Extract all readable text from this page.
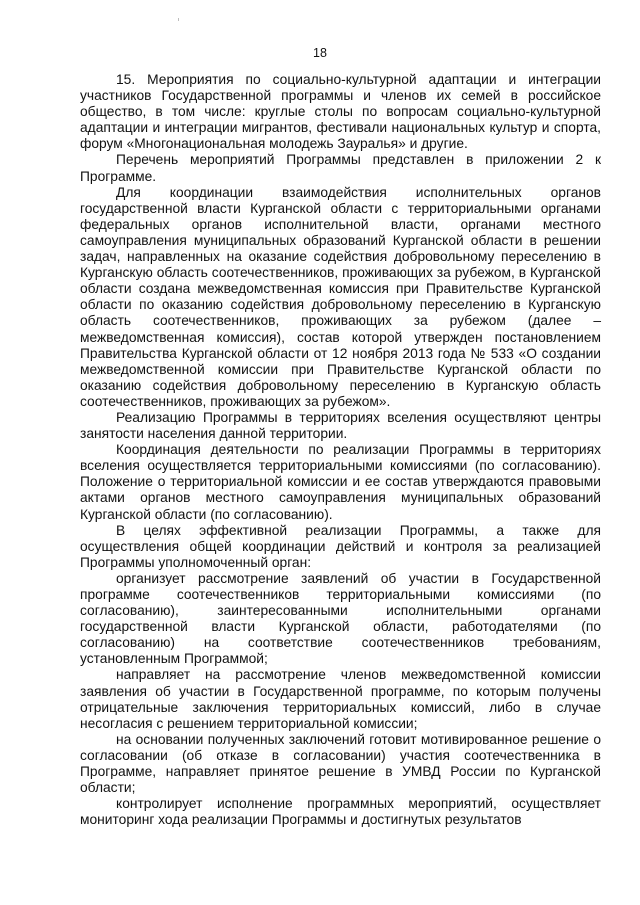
18

15. Мероприятия по социально-культурной адаптации и интеграции участников Государственной программы и членов их семей в российское общество, в том числе: круглые столы по вопросам социально-культурной адаптации и интеграции мигрантов, фестивали национальных культур и спорта, форум «Многонациональная молодежь Зауралья» и другие.

Перечень мероприятий Программы представлен в приложении 2 к Программе.

Для координации взаимодействия исполнительных органов государственной власти Курганской области с территориальными органами федеральных органов исполнительной власти, органами местного самоуправления муниципальных образований Курганской области в решении задач, направленных на оказание содействия добровольному переселению в Курганскую область соотечественников, проживающих за рубежом, в Курганской области создана межведомственная комиссия при Правительстве Курганской области по оказанию содействия добровольному переселению в Курганскую область соотечественников, проживающих за рубежом (далее – межведомственная комиссия), состав которой утвержден постановлением Правительства Курганской области от 12 ноября 2013 года № 533 «О создании межведомственной комиссии при Правительстве Курганской области по оказанию содействия добровольному переселению в Курганскую область соотечественников, проживающих за рубежом».

Реализацию Программы в территориях вселения осуществляют центры занятости населения данной территории.

Координация деятельности по реализации Программы в территориях вселения осуществляется территориальными комиссиями (по согласованию). Положение о территориальной комиссии и ее состав утверждаются правовыми актами органов местного самоуправления муниципальных образований Курганской области (по согласованию).

В целях эффективной реализации Программы, а также для осуществления общей координации действий и контроля за реализацией Программы уполномоченный орган:

организует рассмотрение заявлений об участии в Государственной программе соотечественников территориальными комиссиями (по согласованию), заинтересованными исполнительными органами государственной власти Курганской области, работодателями (по согласованию) на соответствие соотечественников требованиям, установленным Программой;

направляет на рассмотрение членов межведомственной комиссии заявления об участии в Государственной программе, по которым получены отрицательные заключения территориальных комиссий, либо в случае несогласия с решением территориальной комиссии;

на основании полученных заключений готовит мотивированное решение о согласовании (об отказе в согласовании) участия соотечественника в Программе, направляет принятое решение в УМВД России по Курганской области;

контролирует исполнение программных мероприятий, осуществляет мониторинг хода реализации Программы и достигнутых результатов
